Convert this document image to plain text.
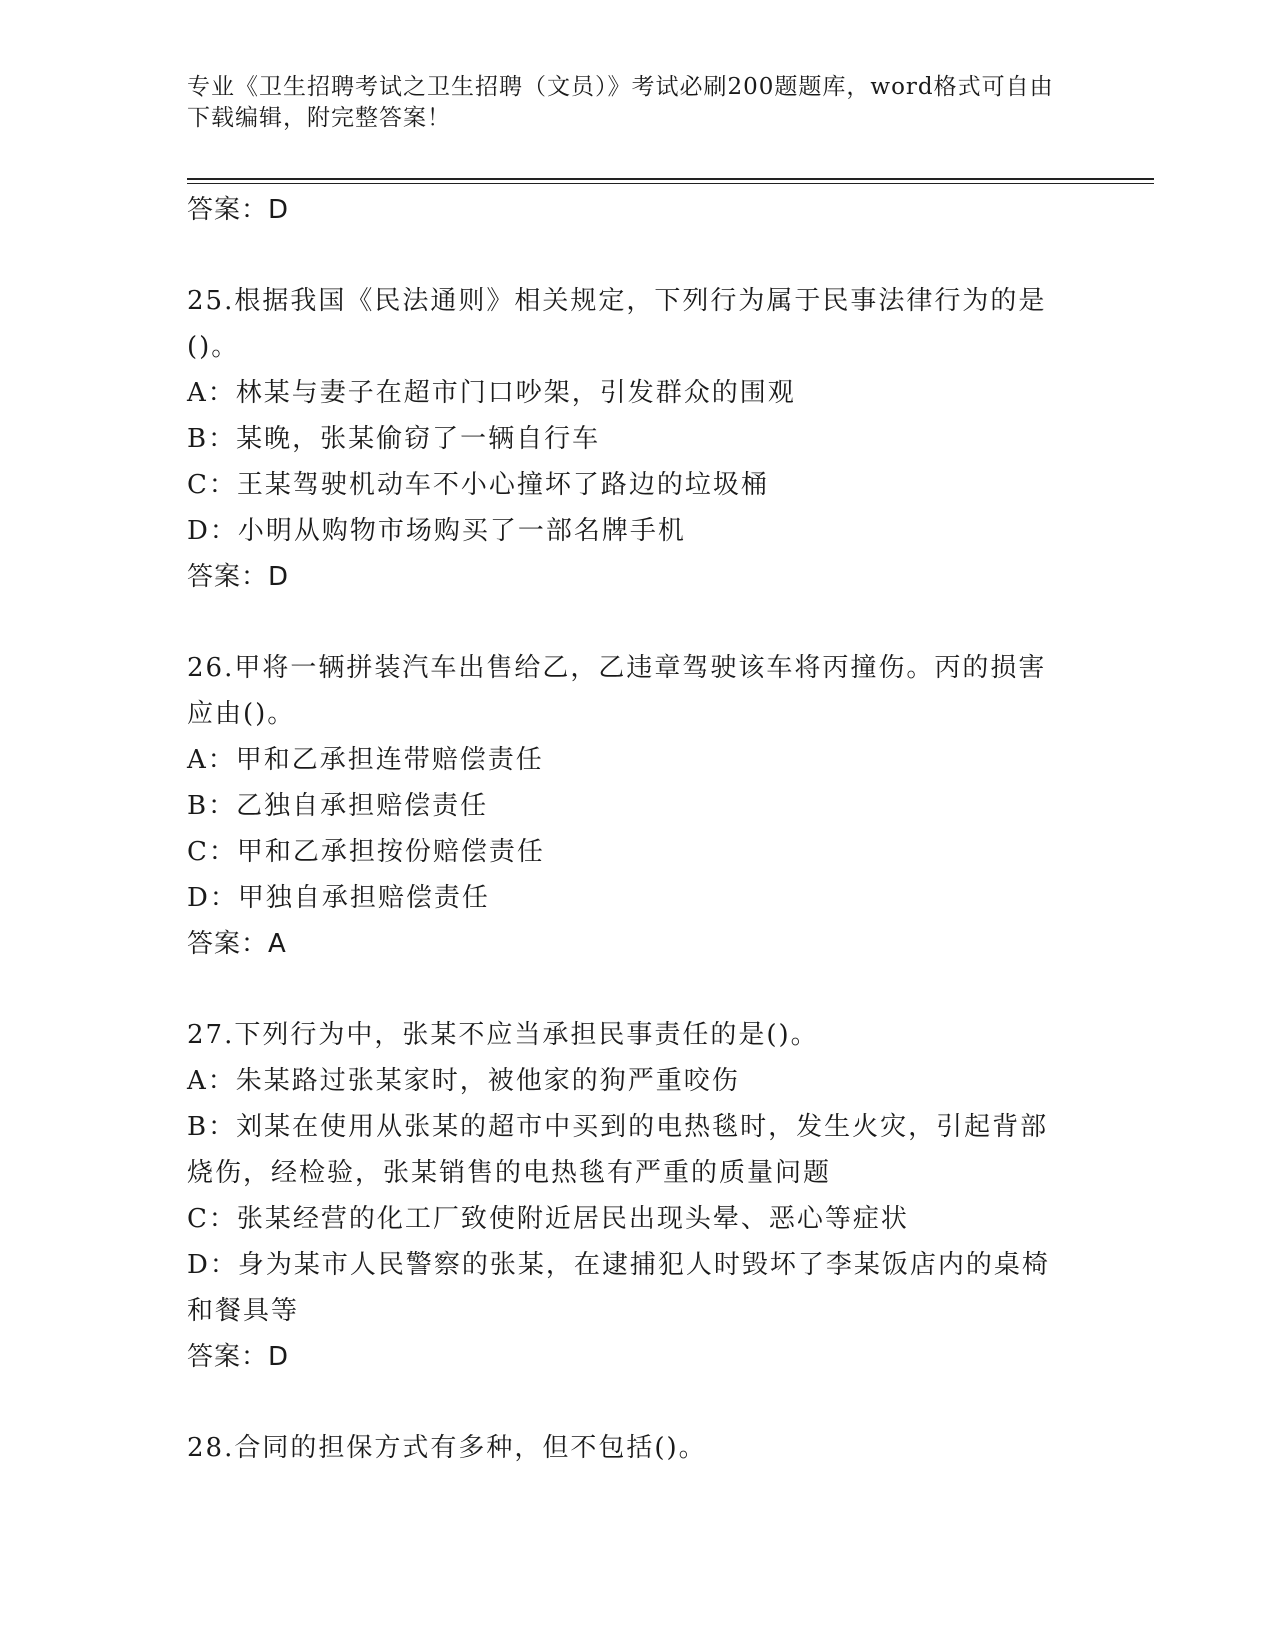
专业《卫生招聘考试之卫生招聘（文员）》考试必刷200题题库，word格式可自由下载编辑，附完整答案！
答案：D
25.根据我国《民法通则》相关规定，下列行为属于民事法律行为的是
()。
A：林某与妻子在超市门口吵架，引发群众的围观
B：某晚，张某偷窃了一辆自行车
C：王某驾驶机动车不小心撞坏了路边的垃圾桶
D：小明从购物市场购买了一部名牌手机
答案：D
26.甲将一辆拼装汽车出售给乙，乙违章驾驶该车将丙撞伤。丙的损害
应由()。
A：甲和乙承担连带赔偿责任
B：乙独自承担赔偿责任
C：甲和乙承担按份赔偿责任
D：甲独自承担赔偿责任
答案：A
27.下列行为中，张某不应当承担民事责任的是()。
A：朱某路过张某家时，被他家的狗严重咬伤
B：刘某在使用从张某的超市中买到的电热毯时，发生火灾，引起背部
烧伤，经检验，张某销售的电热毯有严重的质量问题
C：张某经营的化工厂致使附近居民出现头晕、恶心等症状
D：身为某市人民警察的张某，在逮捕犯人时毁坏了李某饭店内的桌椅
和餐具等
答案：D
28.合同的担保方式有多种，但不包括()。
